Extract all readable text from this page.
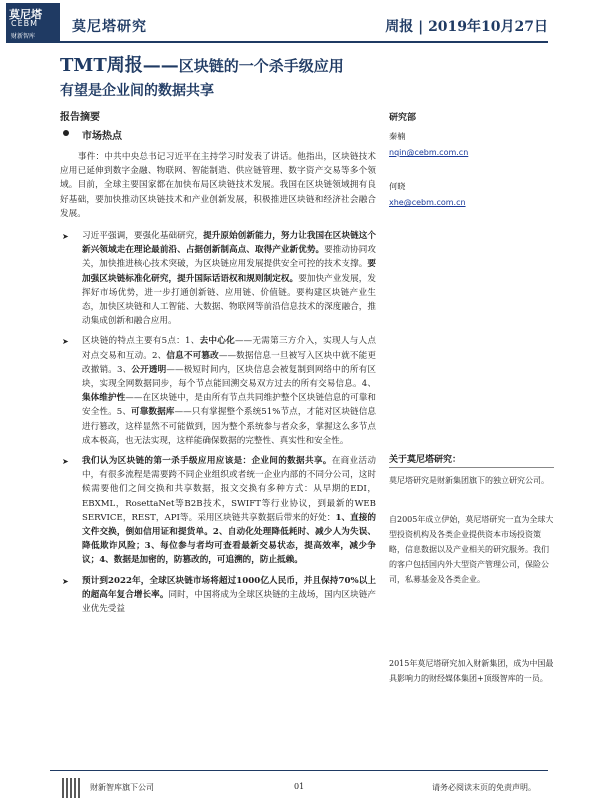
莫尼塔
CEBM
财新智库
莫尼塔研究	周报 | 2019年10月27日
TMT周报——区块链的一个杀手级应用
有望是企业间的数据共享
报告摘要
市场热点

事件：中共中央总书记习近平在主持学习时发表了讲话。他指出，区块链技术应用已延伸到数字金融、物联网、智能制造、供应链管理、数字资产交易等多个领域。目前，全球主要国家都在加快布局区块链技术发展。我国在区块链领域拥有良好基础，要加快推动区块链技术和产业创新发展，积极推进区块链和经济社会融合发展。

➤ 习近平强调，要强化基础研究，提升原始创新能力，努力让我国在区块链这个新兴领域走在理论最前沿、占据创新制高点、取得产业新优势。要推动协同攻关，加快推进核心技术突破，为区块链应用发展提供安全可控的技术支撑。要加强区块链标准化研究，提升国际话语权和规则制定权。要加快产业发展，发挥好市场优势，进一步打通创新链、应用链、价值链。要构建区块链产业生态，加快区块链和人工智能、大数据、物联网等前沿信息技术的深度融合，推动集成创新和融合应用。
➤ 区块链的特点主要有5点：1、去中心化——无需第三方介入，实现人与人点对点交易和互动。2、信息不可篡改——数据信息一旦被写入区块中就不能更改撤销。3、公开透明——极短时间内，区块信息会被复制到网络中的所有区块，实现全网数据同步，每个节点能回溯交易双方过去的所有交易信息。4、集体维护性——在区块链中，是由所有节点共同维护整个区块链信息的可靠和安全性。5、可靠数据库——只有掌握整个系统51%节点，才能对区块链信息进行篡改，这样显然不可能做到，因为整个系统参与者众多，掌握这么多节点成本极高，也无法实现，这样能确保数据的完整性、真实性和安全性。
➤ 我们认为区块链的第一杀手级应用应该是：企业间的数据共享。在商业活动中，有很多流程是需要跨不同企业组织或者统一企业内部的不同分公司，这时候需要他们之间交换和共享数据，报文交换有多种方式：从早期的EDI，EBXML，RosettaNet等B2B技术，SWIFT等行业协议，到最新的WEB SERVICE，REST，API等。采用区块链共享数据后带来的好处：1、直接的文件交换，倒如信用证和提货单。2、自动化处理降低耗时、减少人为失误、降低欺诈风险；3、每位参与者均可查看最新交易状态，提高效率，减少争议；4、数据是加密的，防篡改的，可追溯的，防止抵赖。
➤ 预计到2022年，全球区块链市场将超过1000亿人民币，并且保持70%以上的超高年复合增长率。同时，中国将成为全球区块链的主战场，国内区块链产业优先受益
研究部
秦楠
nqin@cebm.com.cn
何晓
xhe@cebm.com.cn
关于莫尼塔研究：
莫尼塔研究是财新集团旗下的独立研究公司。
自2005年成立伊始，莫尼塔研究一直为全球大型投资机构及各类企业提供资本市场投资策略，信息数据以及产业相关的研究服务。我们的客户包括国内外大型资产管理公司，保险公司，私募基金及各类企业。
2015年莫尼塔研究加入财新集团，成为中国最具影响力的财经媒体集团+顶级智库的一员。
财新智库旗下公司	01	请务必阅读末页的免责声明。
